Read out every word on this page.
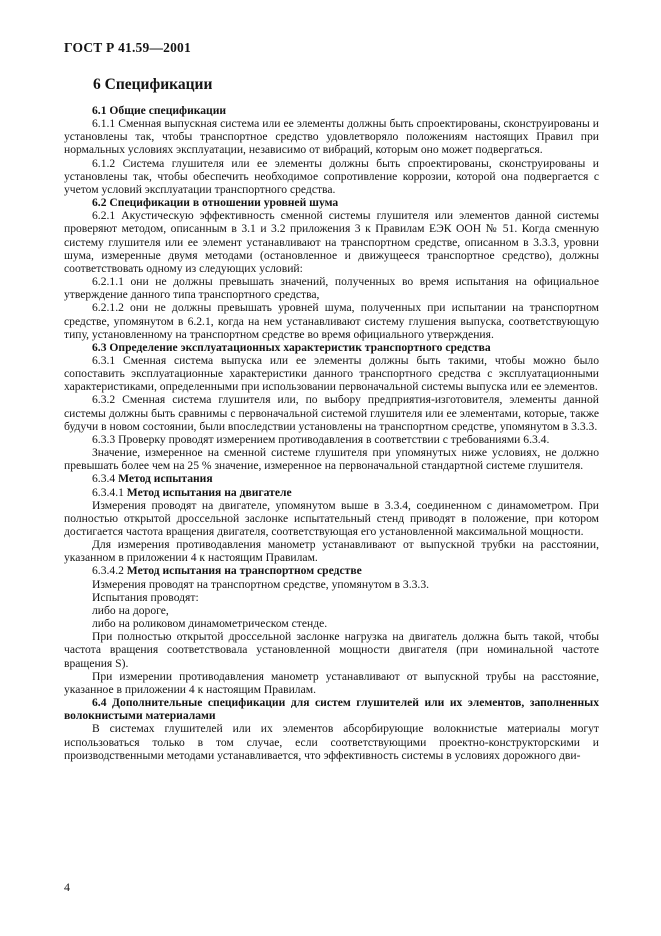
ГОСТ Р 41.59—2001
6 Спецификации

6.1 Общие спецификации

6.1.1 Сменная выпускная система или ее элементы должны быть спроектированы, сконструированы и установлены так, чтобы транспортное средство удовлетворяло положениям настоящих Правил при нормальных условиях эксплуатации, независимо от вибраций, которым оно может подвергаться.

6.1.2 Система глушителя или ее элементы должны быть спроектированы, сконструированы и установлены так, чтобы обеспечить необходимое сопротивление коррозии, которой она подвергается с учетом условий эксплуатации транспортного средства.

6.2 Спецификации в отношении уровней шума

6.2.1 Акустическую эффективность сменной системы глушителя или элементов данной системы проверяют методом, описанным в 3.1 и 3.2 приложения 3 к Правилам ЕЭК ООН № 51. Когда сменную систему глушителя или ее элемент устанавливают на транспортном средстве, описанном в 3.3.3, уровни шума, измеренные двумя методами (остановленное и движущееся транспортное средство), должны соответствовать одному из следующих условий:

6.2.1.1 они не должны превышать значений, полученных во время испытания на официальное утверждение данного типа транспортного средства,

6.2.1.2 они не должны превышать уровней шума, полученных при испытании на транспортном средстве, упомянутом в 6.2.1, когда на нем устанавливают систему глушения выпуска, соответствующую типу, установленному на транспортном средстве во время официального утверждения.

6.3 Определение эксплуатационных характеристик транспортного средства

6.3.1 Сменная система выпуска или ее элементы должны быть такими, чтобы можно было сопоставить эксплуатационные характеристики данного транспортного средства с эксплуатационными характеристиками, определенными при использовании первоначальной системы выпуска или ее элементов.

6.3.2 Сменная система глушителя или, по выбору предприятия-изготовителя, элементы данной системы должны быть сравнимы с первоначальной системой глушителя или ее элементами, которые, также будучи в новом состоянии, были впоследствии установлены на транспортном средстве, упомянутом в 3.3.3.

6.3.3 Проверку проводят измерением противодавления в соответствии с требованиями 6.3.4.

Значение, измеренное на сменной системе глушителя при упомянутых ниже условиях, не должно превышать более чем на 25 % значение, измеренное на первоначальной стандартной системе глушителя.

6.3.4 Метод испытания

6.3.4.1 Метод испытания на двигателе

Измерения проводят на двигателе, упомянутом выше в 3.3.4, соединенном с динамометром. При полностью открытой дроссельной заслонке испытательный стенд приводят в положение, при котором достигается частота вращения двигателя, соответствующая его установленной максимальной мощности.

Для измерения противодавления манометр устанавливают от выпускной трубки на расстоянии, указанном в приложении 4 к настоящим Правилам.

6.3.4.2 Метод испытания на транспортном средстве

Измерения проводят на транспортном средстве, упомянутом в 3.3.3.

Испытания проводят:

либо на дороге,

либо на роликовом динамометрическом стенде.

При полностью открытой дроссельной заслонке нагрузка на двигатель должна быть такой, чтобы частота вращения соответствовала установленной мощности двигателя (при номинальной частоте вращения S).

При измерении противодавления манометр устанавливают от выпускной трубы на расстояние, указанное в приложении 4 к настоящим Правилам.

6.4 Дополнительные спецификации для систем глушителей или их элементов, заполненных волокнистыми материалами

В системах глушителей или их элементов абсорбирующие волокнистые материалы могут использоваться только в том случае, если соответствующими проектно-конструкторскими и производственными методами устанавливается, что эффективность системы в условиях дорожного дви-

4
